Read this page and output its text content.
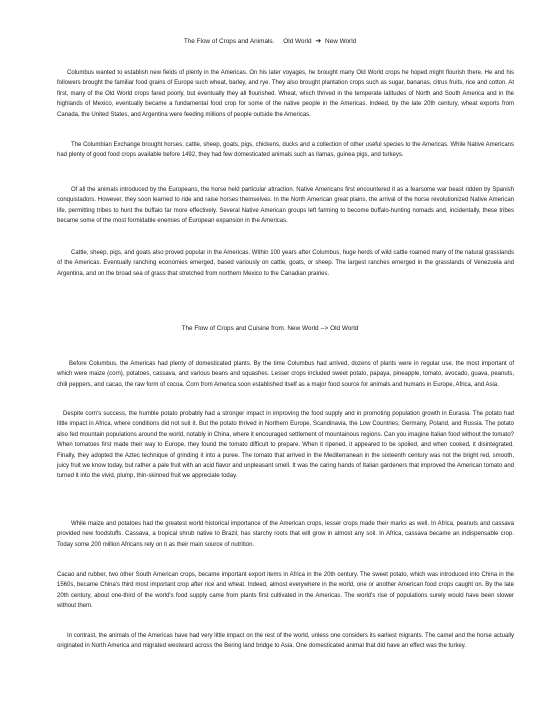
The Flow of Crops and Animals. Old World ➔ New World

Columbus wanted to establish new fields of plenty in the Americas. On his later voyages, he brought many Old World crops he hoped might flourish there. He and his followers brought the familiar food grains of Europe such wheat, barley, and rye. They also brought plantation crops such as sugar, bananas, citrus fruits, rice and cotton. At first, many of the Old World crops fared poorly, but eventually they all flourished. Wheat, which thrived in the temperate latitudes of North and South America and in the highlands of Mexico, eventually became a fundamental food crop for some of the native people in the Americas. Indeed, by the late 20th century, wheat exports from Canada, the United States, and Argentina were feeding millions of people outside the Americas.

The Columbian Exchange brought horses, cattle, sheep, goats, pigs, chickens, ducks and a collection of other useful species to the Americas. While Native Americans had plenty of good food crops available before 1492, they had few domesticated animals such as llamas, guinea pigs, and turkeys.

Of all the animals introduced by the Europeans, the horse held particular attraction. Native Americans first encountered it as a fearsome war beast ridden by Spanish conquistadors. However, they soon learned to ride and raise horses themselves. In the North American great plains, the arrival of the horse revolutionized Native American life, permitting tribes to hunt the buffalo far more effectively. Several Native American groups left farming to become buffalo-hunting nomads and, incidentally, these tribes became some of the most formidable enemies of European expansion in the Americas.

Cattle, sheep, pigs, and goats also proved popular in the Americas. Within 100 years after Columbus, huge herds of wild cattle roamed many of the natural grasslands of the Americas. Eventually ranching economies emerged, based variously on cattle, goats, or sheep. The largest ranches emerged in the grasslands of Venezuela and Argentina, and on the broad sea of grass that stretched from northern Mexico to the Canadian prairies.

The Flow of Crops and Cuisine from. New World --> Old World

Before Columbus, the Americas had plenty of domesticated plants. By the time Columbus had arrived, dozens of plants were in regular use, the most important of which were maize (corn), potatoes, cassava, and various beans and squashes. Lesser crops included sweet potato, papaya, pineapple, tomato, avocado, guava, peanuts, chili peppers, and cacao, the raw form of cocoa. Corn from America soon established itself as a major food source for animals and humans in Europe, Africa, and Asia.

Despite corn's success, the humble potato probably had a stronger impact in improving the food supply and in promoting population growth in Eurasia. The potato had little impact in Africa, where conditions did not suit it. But the potato thrived in Northern Europe, Scandinavia, the Low Countries, Germany, Poland, and Russia. The potato also fed mountain populations around the world, notably in China, where it encouraged settlement of mountainous regions. Can you imagine Italian food without the tomato? When tomatoes first made their way to Europe, they found the tomato difficult to prepare. When it ripened, it appeared to be spoiled, and when cooked, it disintegrated. Finally, they adopted the Aztec technique of grinding it into a puree. The tomato that arrived in the Mediterranean in the sixteenth century was not the bright red, smooth, juicy fruit we know today, but rather a pale fruit with an acid flavor and unpleasant smell. It was the caring hands of Italian gardeners that improved the American tomato and turned it into the vivid, plump, thin-skinned fruit we appreciate today.

While maize and potatoes had the greatest world historical importance of the American crops, lesser crops made their marks as well. In Africa, peanuts and cassava provided new foodstuffs. Cassava, a tropical shrub native to Brazil, has starchy roots that will grow in almost any soil. In Africa, cassava became an indispensable crop. Today some 200 million Africans rely on it as their main source of nutrition.

Cacao and rubber, two other South American crops, became important export items in Africa in the 20th century. The sweet potato, which was introduced into China in the 1560s, became China's third most important crop after rice and wheat. Indeed, almost everywhere in the world, one or another American food crops caught on. By the late 20th century, about one-third of the world's food supply came from plants first cultivated in the Americas. The world's rise of populations surely would have been slower without them.

In contrast, the animals of the Americas have had very little impact on the rest of the world, unless one considers its earliest migrants. The camel and the horse actually originated in North America and migrated westward across the Bering land bridge to Asia. One domesticated animal that did have an effect was the turkey.
